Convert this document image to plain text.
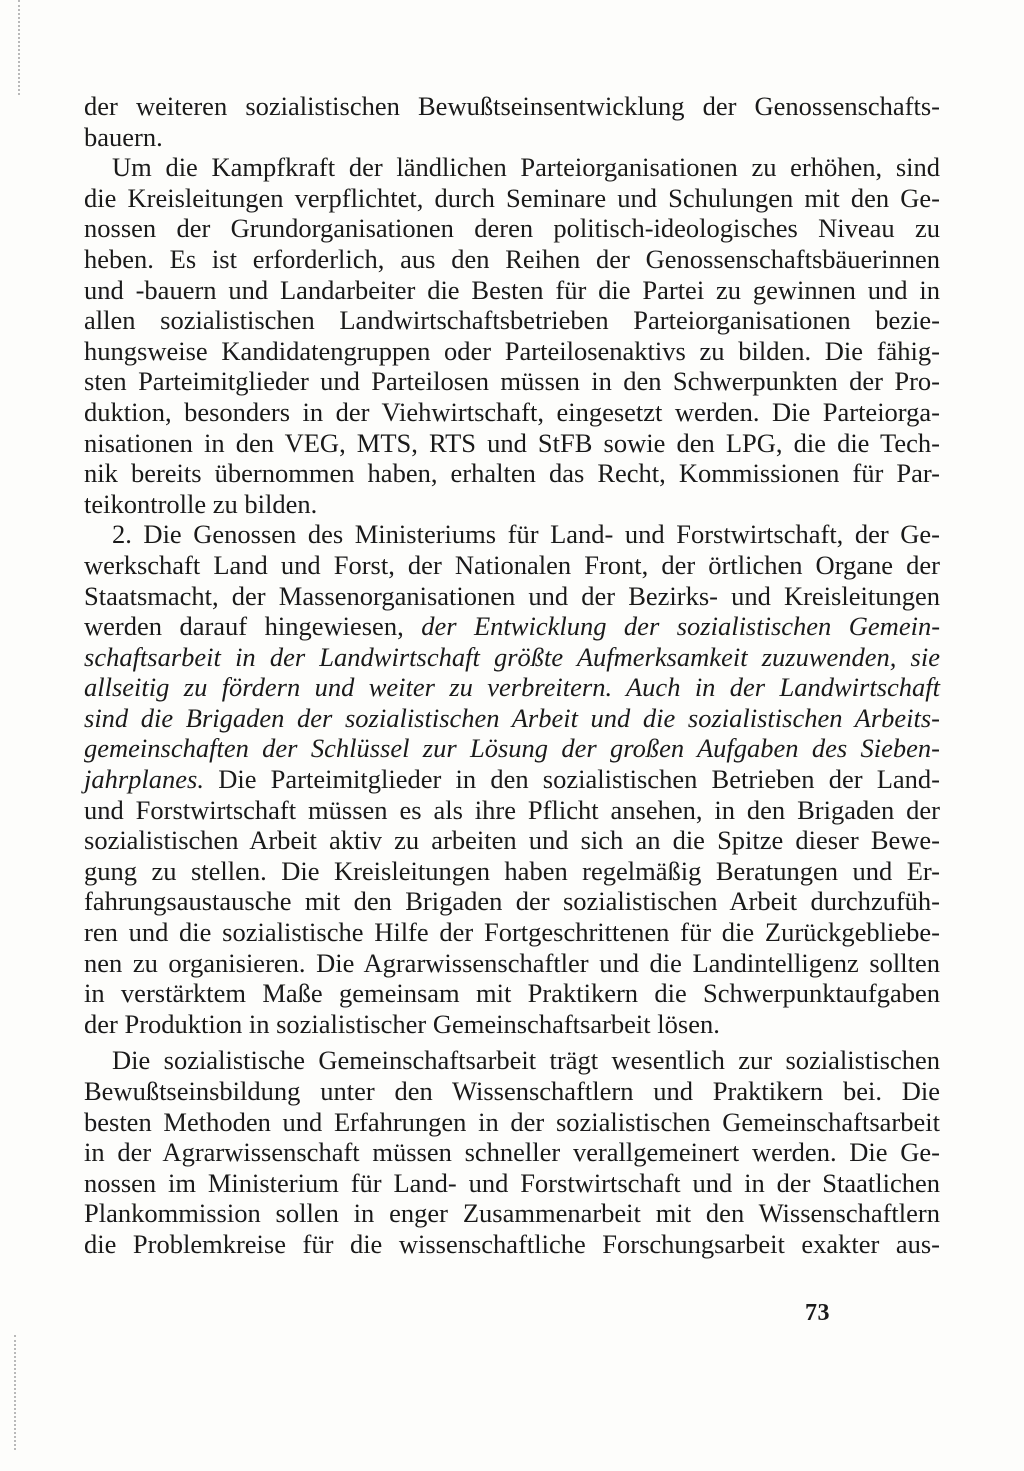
der weiteren sozialistischen Bewußtseinsentwicklung der Genossenschafts-
bauern.
Um die Kampfkraft der ländlichen Parteiorganisationen zu erhöhen, sind
die Kreisleitungen verpflichtet, durch Seminare und Schulungen mit den Ge-
nossen der Grundorganisationen deren politisch-ideologisches Niveau zu
heben. Es ist erforderlich, aus den Reihen der Genossenschaftsbäuerinnen
und -bauern und Landarbeiter die Besten für die Partei zu gewinnen und in
allen sozialistischen Landwirtschaftsbetrieben Parteiorganisationen bezie-
hungsweise Kandidatengruppen oder Parteilosenaktivs zu bilden. Die fähig-
sten Parteimitglieder und Parteilosen müssen in den Schwerpunkten der Pro-
duktion, besonders in der Viehwirtschaft, eingesetzt werden. Die Parteiorga-
nisationen in den VEG, MTS, RTS und StFB sowie den LPG, die die Tech-
nik bereits übernommen haben, erhalten das Recht, Kommissionen für Par-
teikontrolle zu bilden.
2. Die Genossen des Ministeriums für Land- und Forstwirtschaft, der Ge-
werkschaft Land und Forst, der Nationalen Front, der örtlichen Organe der
Staatsmacht, der Massenorganisationen und der Bezirks- und Kreisleitungen
werden darauf hingewiesen, der Entwicklung der sozialistischen Gemein-
schaftsarbeit in der Landwirtschaft größte Aufmerksamkeit zuzuwenden, sie
allseitig zu fördern und weiter zu verbreitern. Auch in der Landwirtschaft
sind die Brigaden der sozialistischen Arbeit und die sozialistischen Arbeits-
gemeinschaften der Schlüssel zur Lösung der großen Aufgaben des Sieben-
jahrplanes. Die Parteimitglieder in den sozialistischen Betrieben der Land-
und Forstwirtschaft müssen es als ihre Pflicht ansehen, in den Brigaden der
sozialistischen Arbeit aktiv zu arbeiten und sich an die Spitze dieser Bewe-
gung zu stellen. Die Kreisleitungen haben regelmäßig Beratungen und Er-
fahrungsaustausche mit den Brigaden der sozialistischen Arbeit durchzufüh-
ren und die sozialistische Hilfe der Fortgeschrittenen für die Zurückgebliebe-
nen zu organisieren. Die Agrarwissenschaftler und die Landintelligenz sollten
in verstärktem Maße gemeinsam mit Praktikern die Schwerpunktaufgaben
der Produktion in sozialistischer Gemeinschaftsarbeit lösen.
Die sozialistische Gemeinschaftsarbeit trägt wesentlich zur sozialistischen
Bewußtseinsbildung unter den Wissenschaftlern und Praktikern bei. Die
besten Methoden und Erfahrungen in der sozialistischen Gemeinschaftsarbeit
in der Agrarwissenschaft müssen schneller verallgemeinert werden. Die Ge-
nossen im Ministerium für Land- und Forstwirtschaft und in der Staatlichen
Plankommission sollen in enger Zusammenarbeit mit den Wissenschaftlern
die Problemkreise für die wissenschaftliche Forschungsarbeit exakter aus-
73
